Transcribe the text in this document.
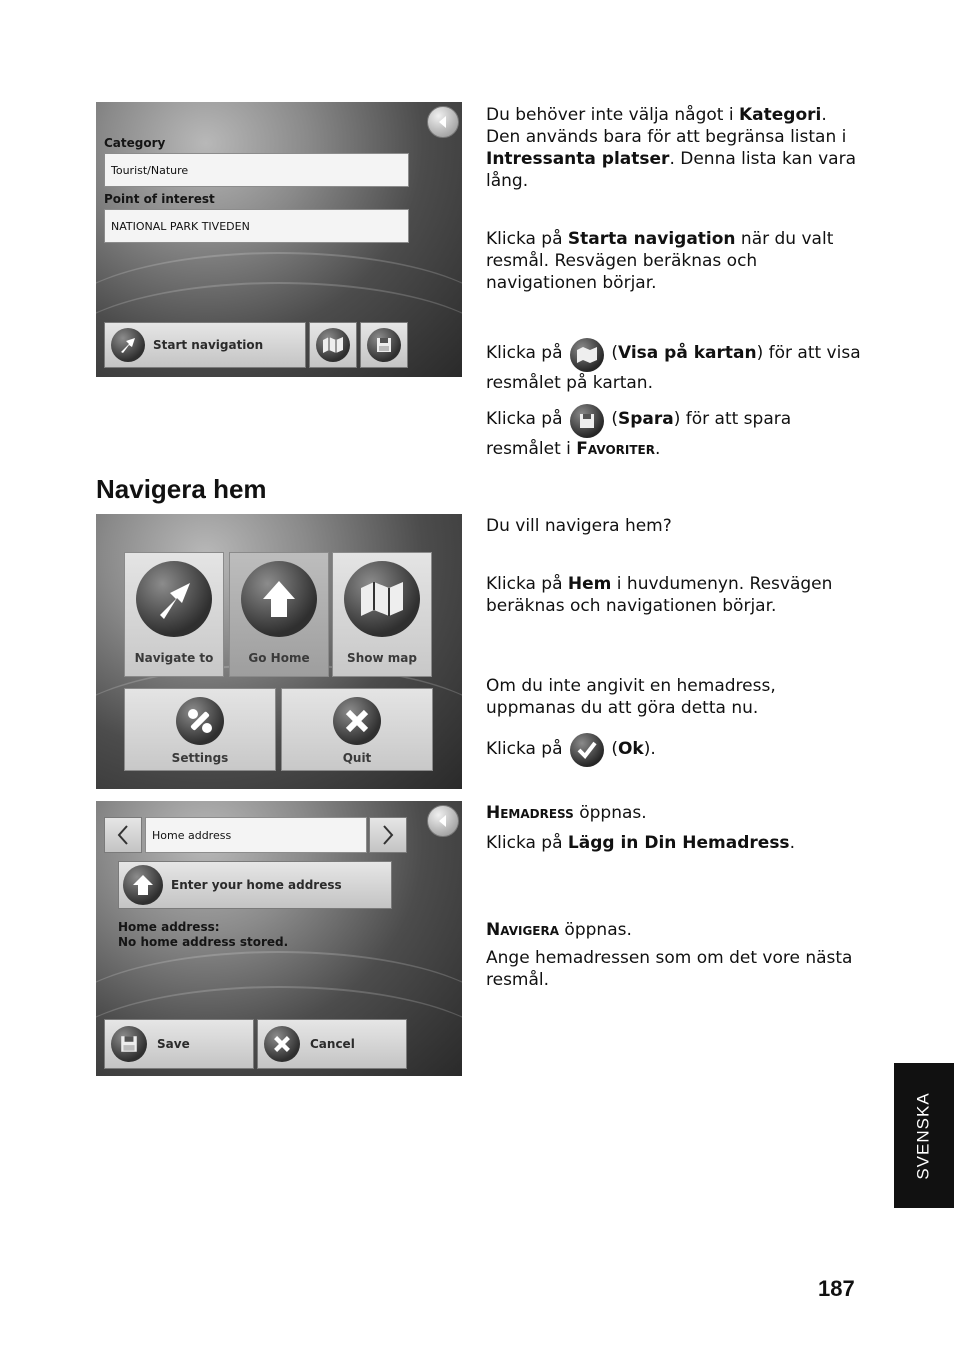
Category
Tourist/Nature
Point of interest
NATIONAL PARK TIVEDEN
Start navigation
Du behöver inte välja något i Kategori. Den används bara för att begränsa listan i Intressanta platser. Denna lista kan vara lång.
Klicka på Starta navigation när du valt resmål. Resvägen beräknas och navigationen börjar.
Klicka på	(Visa på kartan) för att visa resmålet på kartan.
Klicka på	(Spara) för att spara resmålet i Favoriter.
Navigera hem
Navigate to	Go Home	Show map
Settings	Quit
Du vill navigera hem?
Klicka på Hem i huvdumenyn. Resvägen beräknas och navigationen börjar.
Om du inte angivit en hemadress, uppmanas du att göra detta nu.
Klicka på	(Ok).
Home address
Enter your home address
Home address:
No home address stored.
Save	Cancel
Hemadress öppnas.
Klicka på Lägg in Din Hemadress.
Navigera öppnas.
Ange hemadressen som om det vore nästa resmål.
SVENSKA
187
